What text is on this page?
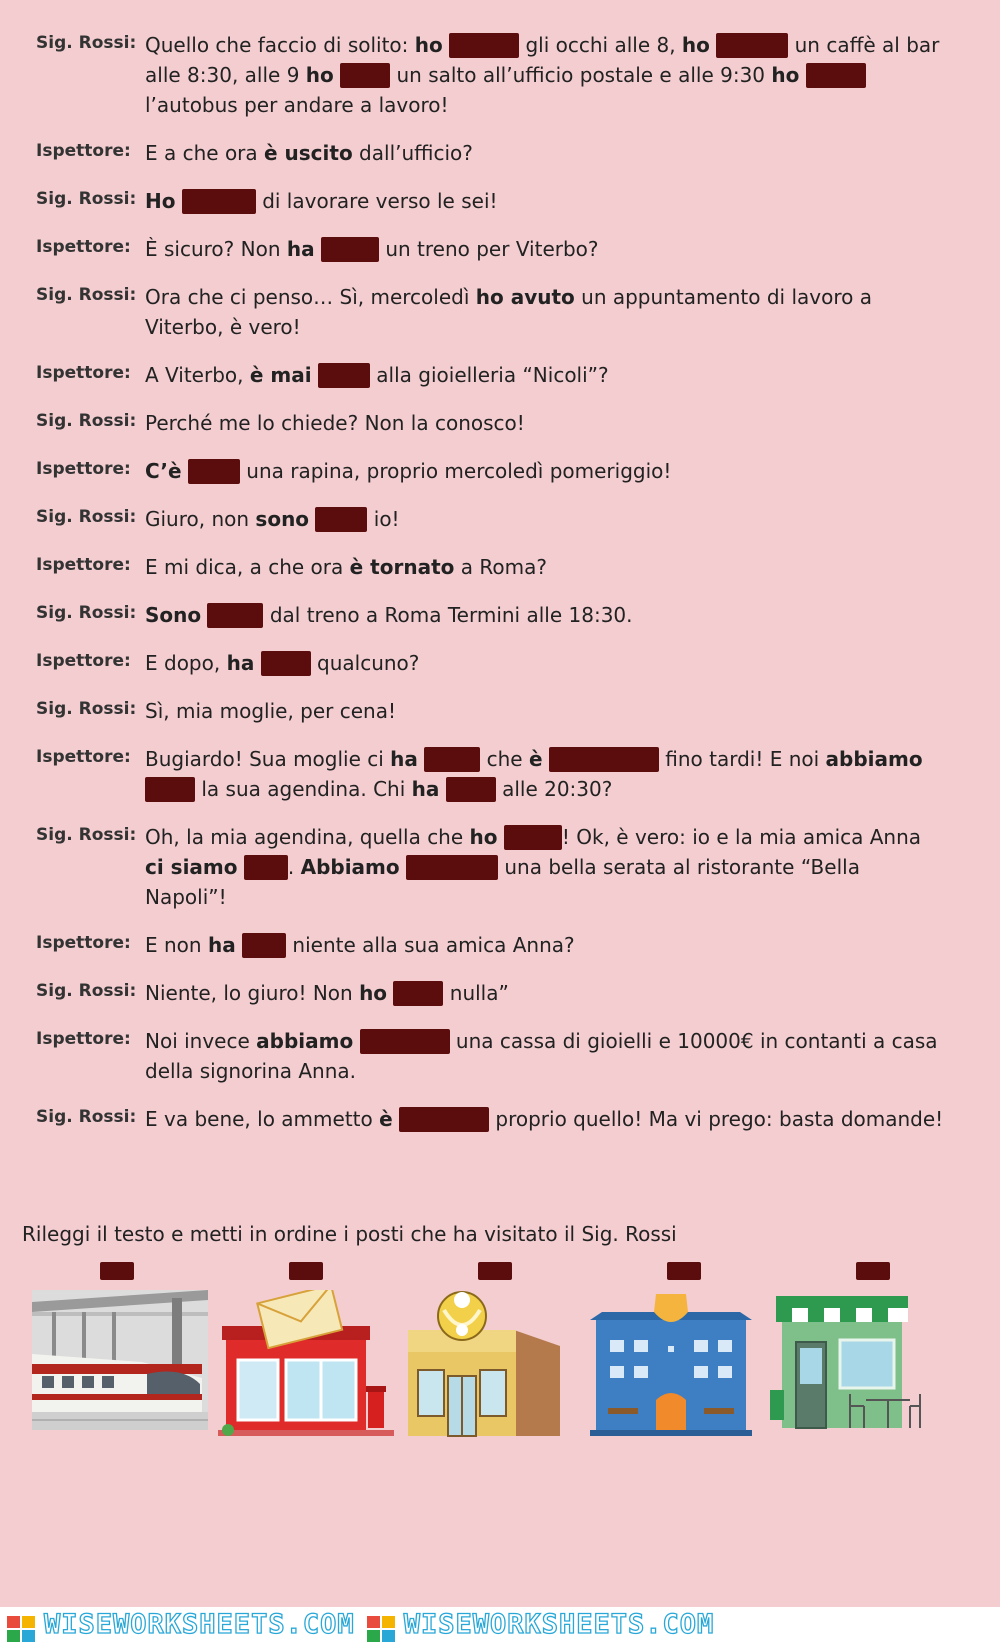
Sig. Rossi: Quello che faccio di solito: ho	gli occhi alle 8, ho	un caffè al bar alle 8:30, alle 9 ho	un salto all’ufficio postale e alle 9:30 ho  l’autobus per andare a lavoro!
Ispettore: E a che ora è uscito dall’ufficio?
Sig. Rossi: Ho	di lavorare verso le sei!
Ispettore: È sicuro? Non ha	un treno per Viterbo?
Sig. Rossi: Ora che ci penso… Sì, mercoledì ho avuto un appuntamento di lavoro a Viterbo, è vero!
Ispettore: A Viterbo, è mai	alla gioielleria “Nicoli”?
Sig. Rossi: Perché me lo chiede? Non la conosco!
Ispettore: C’è	una rapina, proprio mercoledì pomeriggio!
Sig. Rossi: Giuro, non sono	io!
Ispettore: E mi dica, a che ora è tornato a Roma?
Sig. Rossi: Sono	dal treno a Roma Termini alle 18:30.
Ispettore: E dopo, ha	qualcuno?
Sig. Rossi: Sì, mia moglie, per cena!
Ispettore: Bugiardo! Sua moglie ci ha	che è	fino tardi! E noi abbiamo  la sua agendina. Chi ha	alle 20:30?
Sig. Rossi: Oh, la mia agendina, quella che ho	! Ok, è vero: io e la mia amica Anna ci siamo	. Abbiamo	una bella serata al ristorante “Bella Napoli”!
Ispettore: E non ha	niente alla sua amica Anna?
Sig. Rossi: Niente, lo giuro! Non ho	nulla”
Ispettore: Noi invece abbiamo	una cassa di gioielli e 10000€ in contanti a casa della signorina Anna.
Sig. Rossi: E va bene, lo ammetto è	proprio quello! Ma vi prego: basta domande!
Rileggi il testo e metti in ordine i posti che ha visitato il Sig. Rossi
WISEWORKSHEETS.COM WISEWORKSHEETS.COM
